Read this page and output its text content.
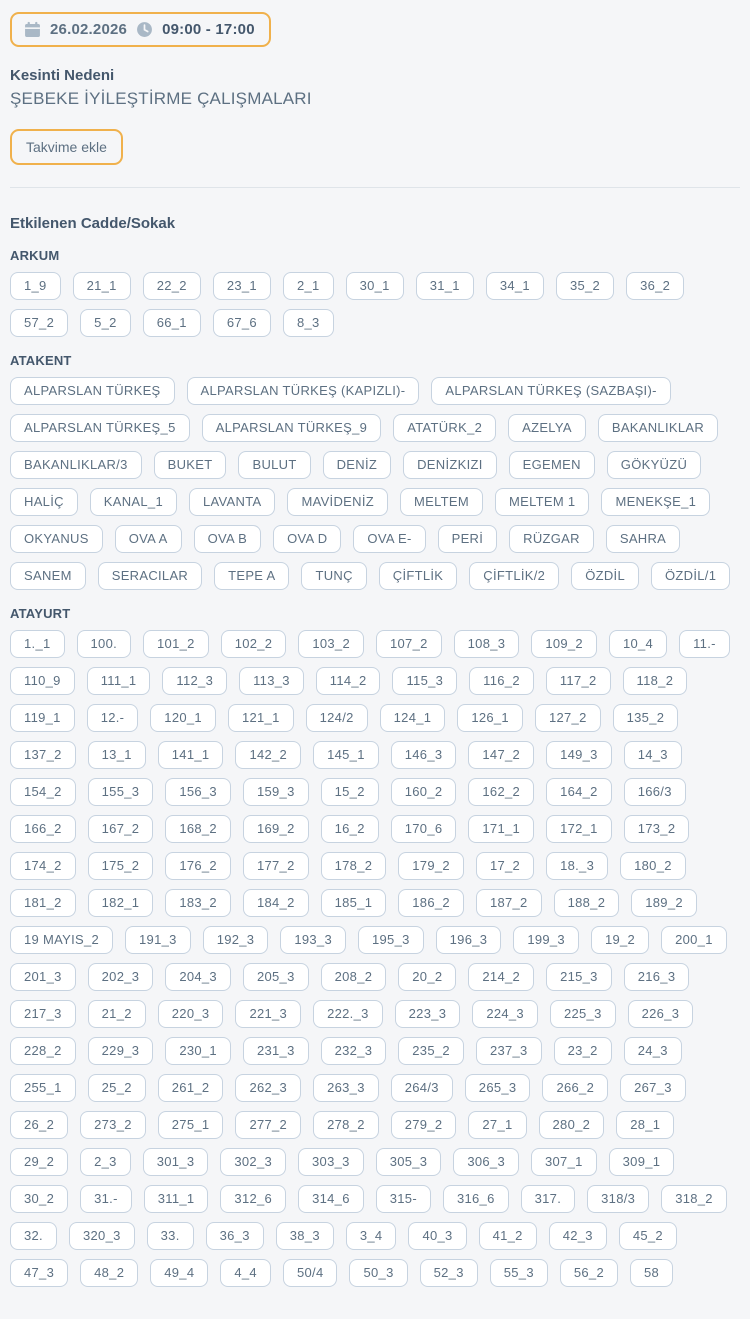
26.02.2026 09:00 - 17:00
Kesinti Nedeni
ŞEBEKE İYİLEŞTİRME ÇALIŞMALARI
Takvime ekle
Etkilenen Cadde/Sokak
ARKUM
1_9	21_1	22_2	23_1	2_1	30_1	31_1	34_1	35_2	36_2
57_2	5_2	66_1	67_6	8_3
ATAKENT
ALPARSLAN TÜRKEŞ	ALPARSLAN TÜRKEŞ (KAPIZLI)-	ALPARSLAN TÜRKEŞ (SAZBAŞI)-
ALPARSLAN TÜRKEŞ_5	ALPARSLAN TÜRKEŞ_9	ATATÜRK_2	AZELYA	BAKANLIKLAR
BAKANLIKLAR/3	BUKET	BULUT	DENİZ	DENİZKIZI	EGEMEN	GÖKYÜZÜ
HALİÇ	KANAL_1	LAVANTA	MAVİDENİZ	MELTEM	MELTEM 1	MENEKŞE_1
OKYANUS	OVA A	OVA B	OVA D	OVA E-	PERİ	RÜZGAR	SAHRA
SANEM	SERACILAR	TEPE A	TUNÇ	ÇİFTLİK	ÇİFTLİK/2	ÖZDİL	ÖZDİL/1
ATAYURT
1._1	100.	101_2	102_2	103_2	107_2	108_3	109_2	10_4	11.-
110_9	111_1	112_3	113_3	114_2	115_3	116_2	117_2	118_2
119_1	12.-	120_1	121_1	124/2	124_1	126_1	127_2	135_2
137_2	13_1	141_1	142_2	145_1	146_3	147_2	149_3	14_3
154_2	155_3	156_3	159_3	15_2	160_2	162_2	164_2	166/3
166_2	167_2	168_2	169_2	16_2	170_6	171_1	172_1	173_2
174_2	175_2	176_2	177_2	178_2	179_2	17_2	18._3	180_2
181_2	182_1	183_2	184_2	185_1	186_2	187_2	188_2	189_2
19 MAYIS_2	191_3	192_3	193_3	195_3	196_3	199_3	19_2	200_1
201_3	202_3	204_3	205_3	208_2	20_2	214_2	215_3	216_3
217_3	21_2	220_3	221_3	222._3	223_3	224_3	225_3	226_3
228_2	229_3	230_1	231_3	232_3	235_2	237_3	23_2	24_3
255_1	25_2	261_2	262_3	263_3	264/3	265_3	266_2	267_3
26_2	273_2	275_1	277_2	278_2	279_2	27_1	280_2	28_1
29_2	2_3	301_3	302_3	303_3	305_3	306_3	307_1	309_1
30_2	31.-	311_1	312_6	314_6	315-	316_6	317.	318/3	318_2
32.	320_3	33.	36_3	38_3	3_4	40_3	41_2	42_3	45_2
47_3	48_2	49_4	4_4	50/4	50_3	52_3	55_3	56_2	58
